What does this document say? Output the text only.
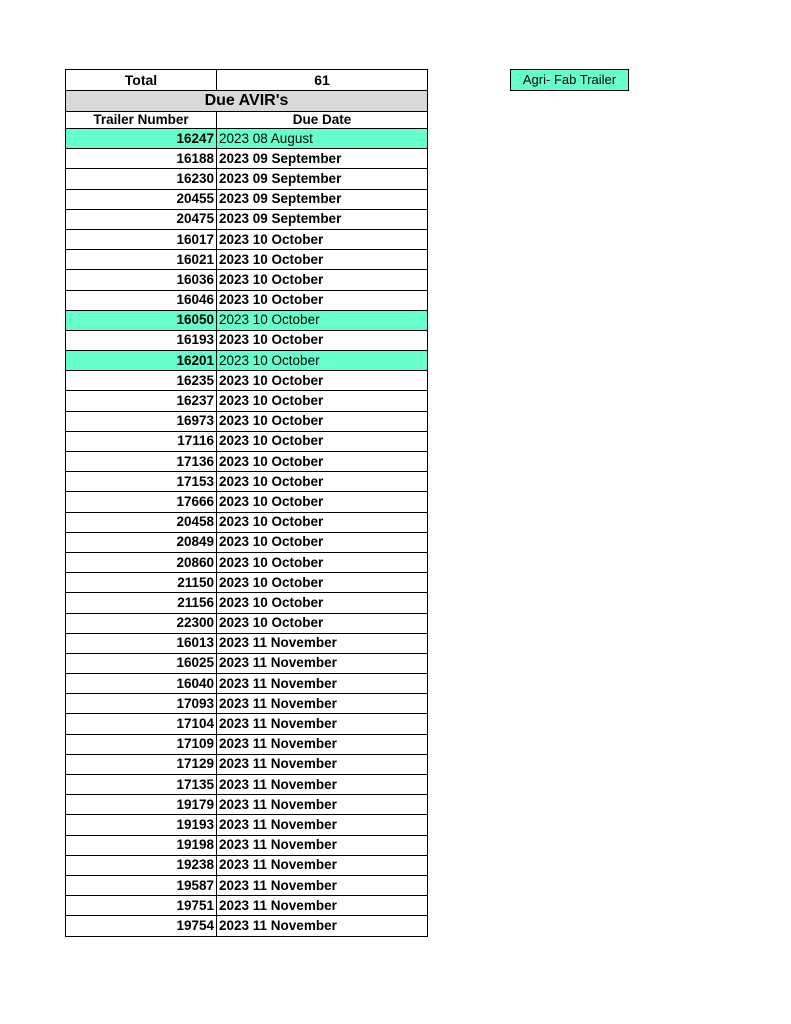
Agri- Fab Trailer
Total	61
Due AVIR's	
Trailer Number	Due Date
16247	2023 08 August
16188	2023 09 September
16230	2023 09 September
20455	2023 09 September
20475	2023 09 September
16017	2023 10 October
16021	2023 10 October
16036	2023 10 October
16046	2023 10 October
16050	2023 10 October
16193	2023 10 October
16201	2023 10 October
16235	2023 10 October
16237	2023 10 October
16973	2023 10 October
17116	2023 10 October
17136	2023 10 October
17153	2023 10 October
17666	2023 10 October
20458	2023 10 October
20849	2023 10 October
20860	2023 10 October
21150	2023 10 October
21156	2023 10 October
22300	2023 10 October
16013	2023 11 November
16025	2023 11 November
16040	2023 11 November
17093	2023 11 November
17104	2023 11 November
17109	2023 11 November
17129	2023 11 November
17135	2023 11 November
19179	2023 11 November
19193	2023 11 November
19198	2023 11 November
19238	2023 11 November
19587	2023 11 November
19751	2023 11 November
19754	2023 11 November
